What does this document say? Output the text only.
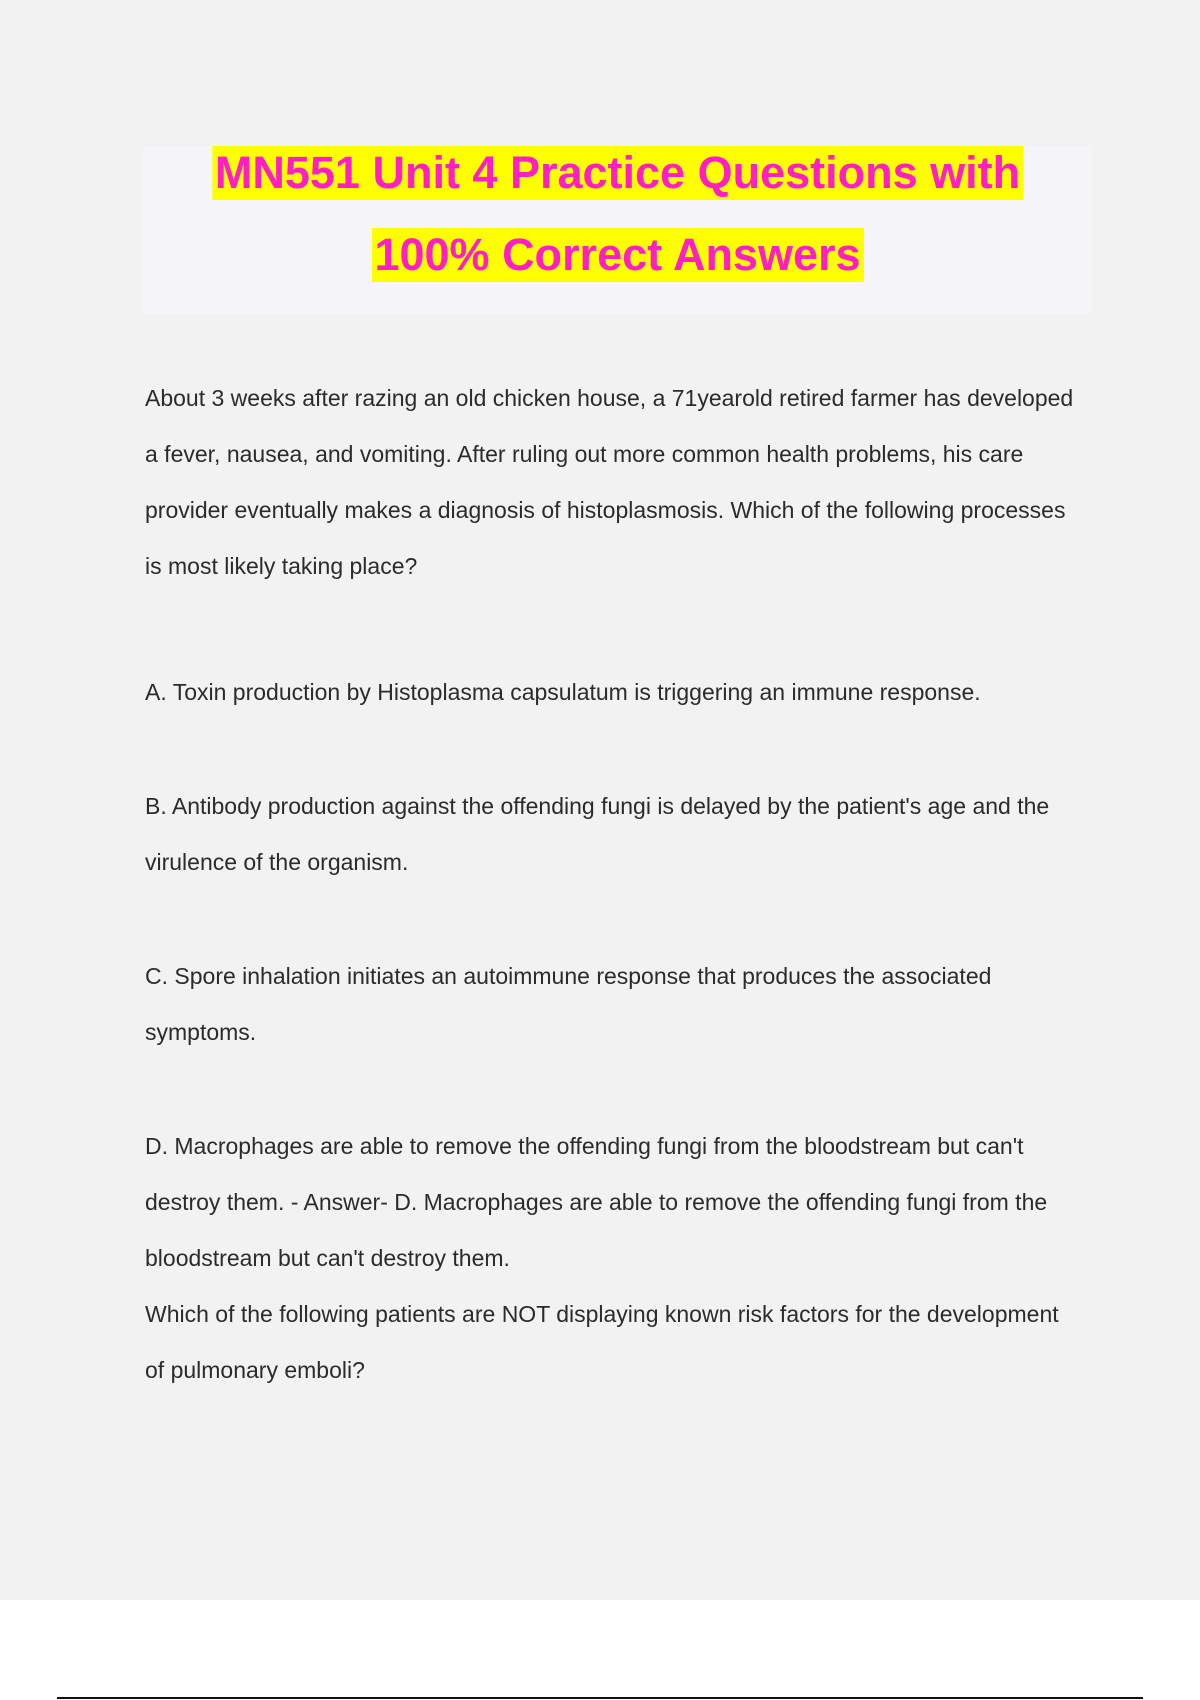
MN551 Unit 4 Practice Questions with
100% Correct Answers

About 3 weeks after razing an old chicken house, a 71yearold retired farmer has developed a fever, nausea, and vomiting. After ruling out more common health problems, his care provider eventually makes a diagnosis of histoplasmosis. Which of the following processes is most likely taking place?

A. Toxin production by Histoplasma capsulatum is triggering an immune response.

B. Antibody production against the offending fungi is delayed by the patient's age and the virulence of the organism.

C. Spore inhalation initiates an autoimmune response that produces the associated symptoms.

D. Macrophages are able to remove the offending fungi from the bloodstream but can't destroy them. - Answer- D. Macrophages are able to remove the offending fungi from the bloodstream but can't destroy them.

Which of the following patients are NOT displaying known risk factors for the development of pulmonary emboli?
